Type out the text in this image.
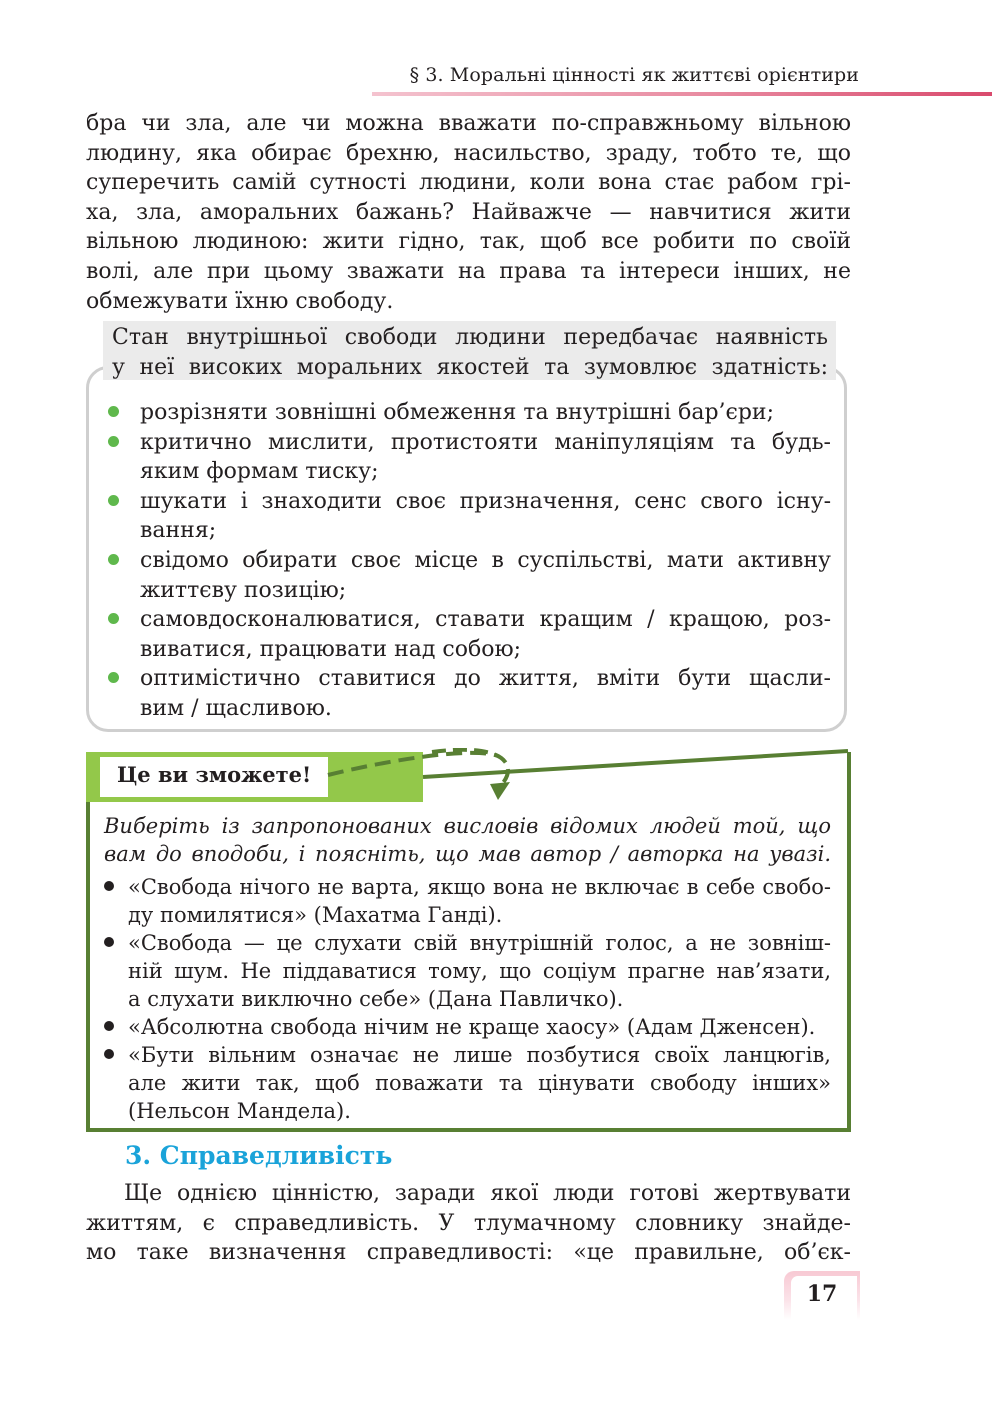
§ 3. Моральні цінності як життєві орієнтири

бра чи зла, але чи можна вважати по-справжньому вільною
людину, яка обирає брехню, насильство, зраду, тобто те, що
суперечить самій сутності людини, коли вона стає рабом грі-
ха, зла, аморальних бажань? Найважче — навчитися жити
вільною людиною: жити гідно, так, щоб все робити по своїй
волі, але при цьому зважати на права та інтереси інших, не
обмежувати їхню свободу.

Стан внутрішньої свободи людини передбачає наявність
у неї високих моральних якостей та зумовлює здатність:
розрізняти зовнішні обмеження та внутрішні бар’єри;
критично мислити, протистояти маніпуляціям та будь-
яким формам тиску;
шукати і знаходити своє призначення, сенс свого існу-
вання;
свідомо обирати своє місце в суспільстві, мати активну
життєву позицію;
самовдосконалюватися, ставати кращим / кращою, роз-
виватися, працювати над собою;
оптимістично ставитися до життя, вміти бути щасли-
вим / щасливою.
Це ви зможете!
Виберіть із запропонованих висловів відомих людей той, що
вам до вподоби, і поясніть, що мав автор / авторка на увазі.
«Свобода нічого не варта, якщо вона не включає в себе свобо-
ду помилятися» (Махатма Ганді).
«Свобода — це слухати свій внутрішній голос, а не зовніш-
ній шум. Не піддаватися тому, що соціум прагне нав’язати,
а слухати виключно себе» (Дана Павличко).
«Абсолютна свобода нічим не краще хаосу» (Адам Дженсен).
«Бути вільним означає не лише позбутися своїх ланцюгів,
але жити так, щоб поважати та цінувати свободу інших»
(Нельсон Мандела).
3. Справедливість

Ще однією цінністю, заради якої люди готові жертвувати
життям, є справедливість. У тлумачному словнику знайде-
мо таке визначення справедливості: «це правильне, об’єк-

17
